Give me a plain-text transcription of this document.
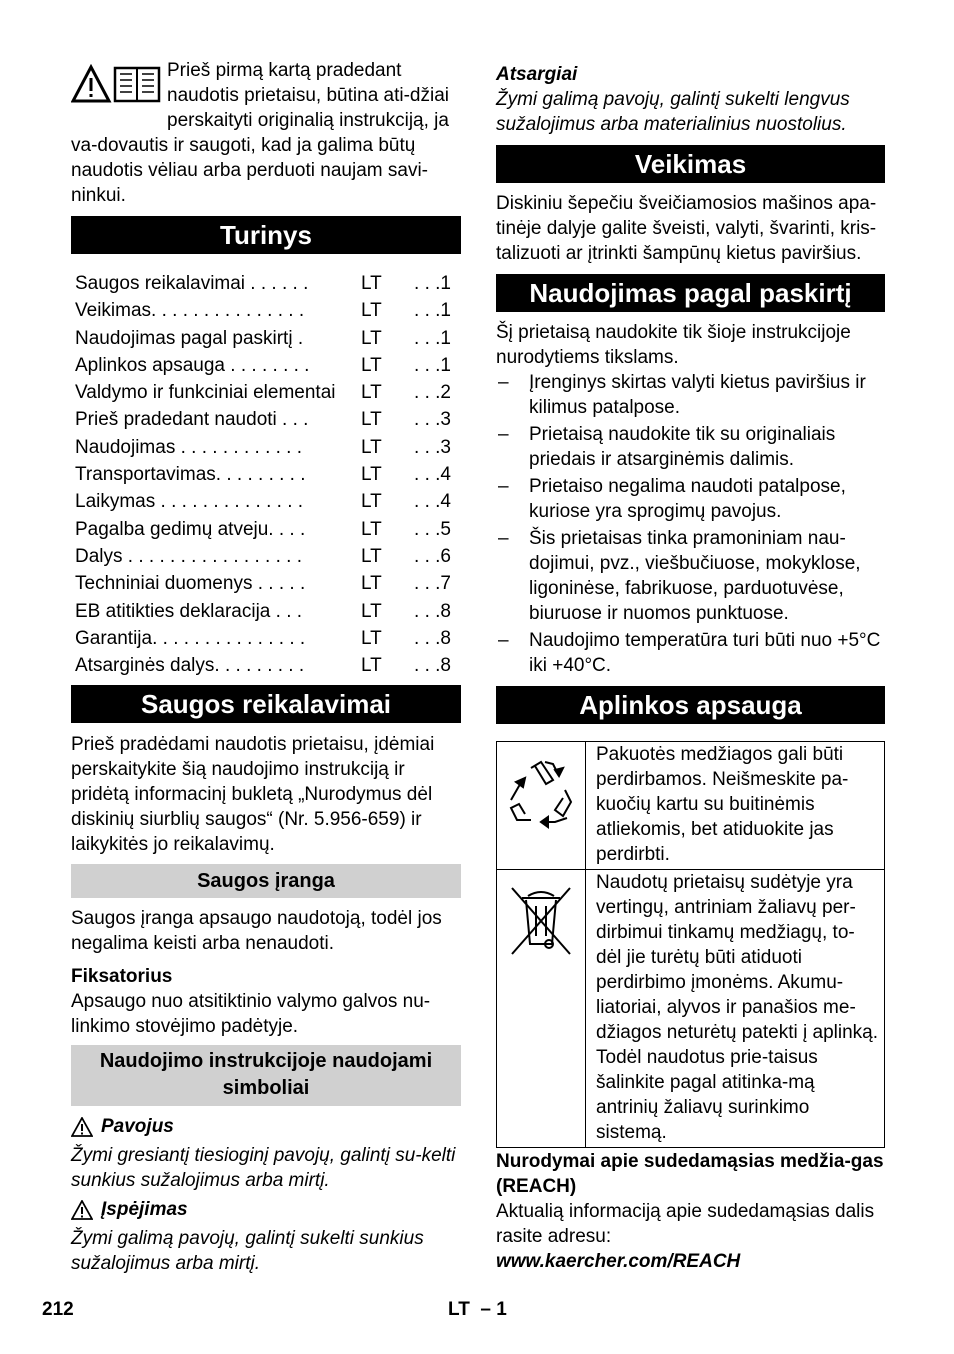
Prieš pirmą kartą pradedant naudotis prietaisu, būtina ati-džiai perskaityti originalią instrukciją, ja va-dovautis ir saugoti, kad ja galima būtų naudotis vėliau arba perduoti naujam savi-ninkui.

Turinys
Saugos reikalavimai . . . . . .	LT	. . .1
Veikimas. . . . . . . . . . . . . . .	LT	. . .1
Naudojimas pagal paskirtį .	LT	. . .1
Aplinkos apsauga . . . . . . . .	LT	. . .1
Valdymo ir funkciniai elementai	LT	. . .2
Prieš pradedant naudoti . . .	LT	. . .3
Naudojimas . . . . . . . . . . . .	LT	. . .3
Transportavimas. . . . . . . . .	LT	. . .4
Laikymas . . . . . . . . . . . . . .	LT	. . .4
Pagalba gedimų atveju. . . .	LT	. . .5
Dalys . . . . . . . . . . . . . . . . .	LT	. . .6
Techniniai duomenys . . . . .	LT	. . .7
EB atitikties deklaracija . . .	LT	. . .8
Garantija. . . . . . . . . . . . . . .	LT	. . .8
Atsarginės dalys. . . . . . . . .	LT	. . .8
Saugos reikalavimai

Prieš pradėdami naudotis prietaisu, įdėmiai perskaitykite šią naudojimo instrukciją ir pridėtą informacinį bukletą „Nurodymus dėl diskinių siurblių saugos“ (Nr. 5.956-659) ir laikykitės jo reikalavimų.

Saugos įranga

Saugos įranga apsaugo naudotoją, todėl jos negalima keisti arba nenaudoti.

Fiksatorius

Apsaugo nuo atsitiktinio valymo galvos nu-linkimo stovėjimo padėtyje.

Naudojimo instrukcijoje naudojami simboliai
Pavojus

Žymi gresiantį tiesioginį pavojų, galintį su-kelti sunkius sužalojimus arba mirtį.

Įspėjimas

Žymi galimą pavojų, galintį sukelti sunkius sužalojimus arba mirtį.

Atsargiai

Žymi galimą pavojų, galintį sukelti lengvus sužalojimus arba materialinius nuostolius.

Veikimas

Diskiniu šepečiu šveičiamosios mašinos apa-tinėje dalyje galite šveisti, valyti, švarinti, kris-talizuoti ar įtrinkti šampūnų kietus paviršius.

Naudojimas pagal paskirtį

Šį prietaisą naudokite tik šioje instrukcijoje nurodytiems tikslams.

– Įrenginys skirtas valyti kietus paviršius ir kilimus patalpose.
– Prietaisą naudokite tik su originaliais priedais ir atsarginėmis dalimis.
– Prietaiso negalima naudoti patalpose, kuriose yra sprogimų pavojus.
– Šis prietaisas tinka pramoniniam nau-dojimui, pvz., viešbučiuose, mokyklose, ligoninėse, fabrikuose, parduotuvėse, biuruose ir nuomos punktuose.
– Naudojimo temperatūra turi būti nuo +5°C iki +40°C.
Aplinkos apsauga
	Pakuotės medžiagos gali būti perdirbamos. Neišmeskite pa-kuočių kartu su buitinėmis atliekomis, bet atiduokite jas perdirbti.
	Naudotų prietaisų sudėtyje yra vertingų, antriniam žaliavų per-dirbimui tinkamų medžiagų, to-dėl jie turėtų būti atiduoti perdirbimo įmonėms. Akumu-liatoriai, alyvos ir panašios me-džiagos neturėtų patekti į aplinką. Todėl naudotus prie-taisus šalinkite pagal atitinka-mą antrinių žaliavų surinkimo sistemą.

Nurodymai apie sudedamąsias medžia-gas (REACH)

Aktualią informaciją apie sudedamąsias dalis rasite adresu:

www.kaercher.com/REACH

212	LT  – 1
